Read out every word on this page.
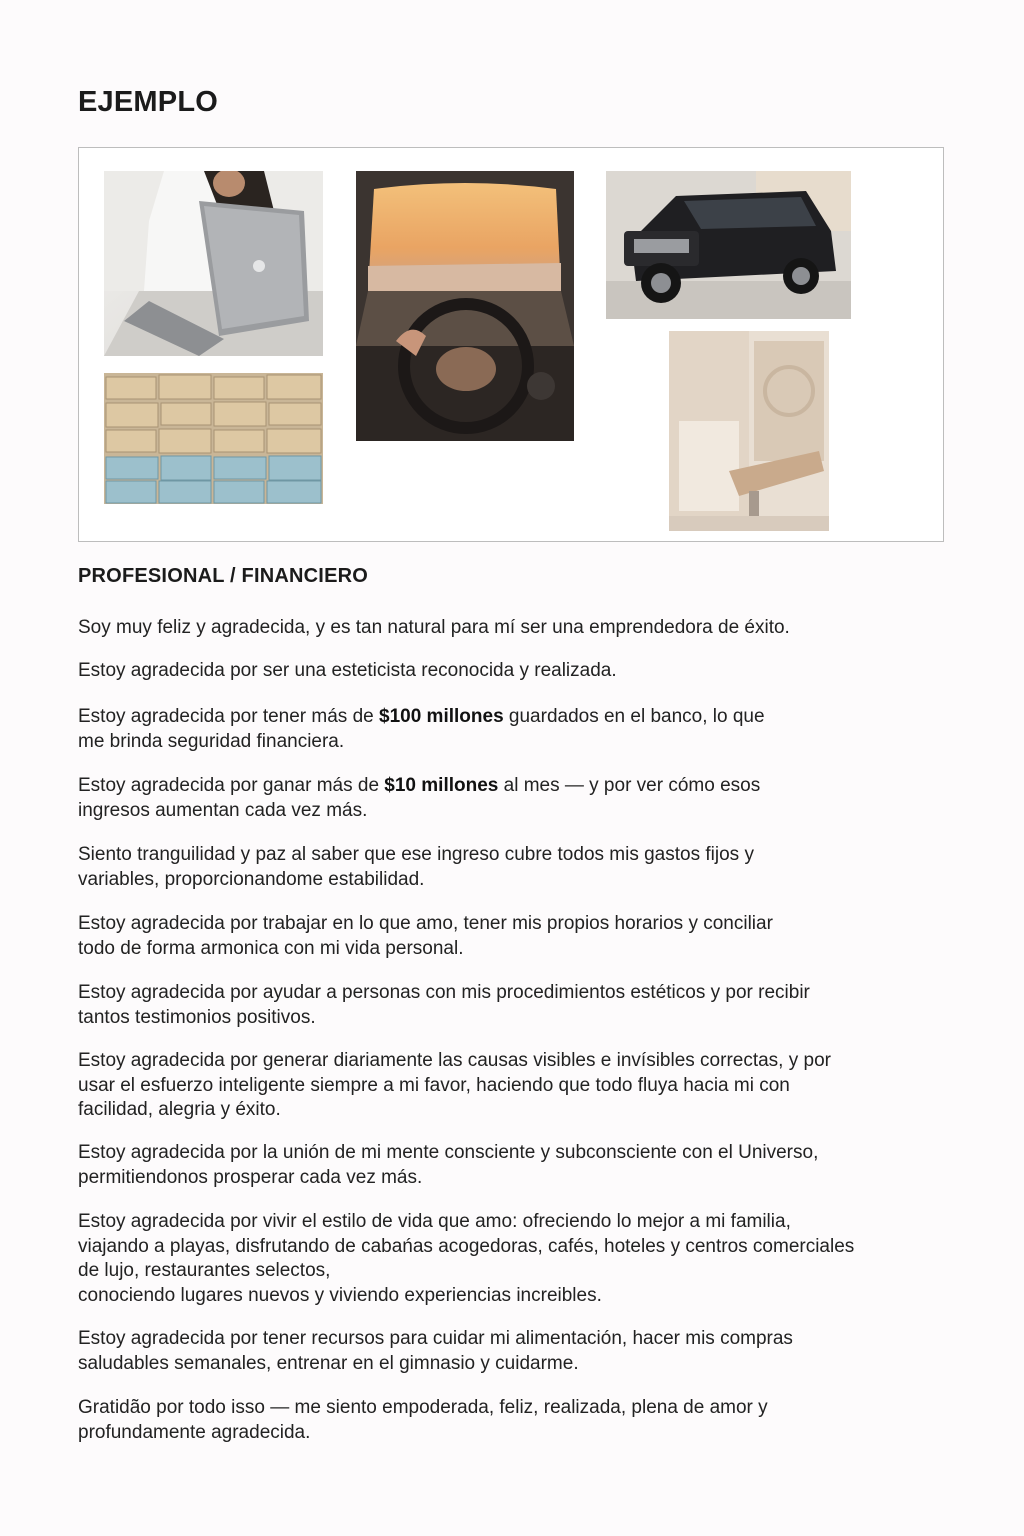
EJEMPLO
PROFESIONAL / FINANCIERO

Soy muy feliz y agradecida, y es tan natural para mí ser una emprendedora de éxito.

Estoy agradecida por ser una esteticista reconocida y realizada.

Estoy agradecida por tener más de $100 millones guardados en el banco, lo que
me brinda seguridad financiera.

Estoy agradecida por ganar más de $10 millones al mes — y por ver cómo esos
ingresos aumentan cada vez más.

Siento tranguilidad y paz al saber que ese ingreso cubre todos mis gastos fijos y
variables, proporcionandome estabilidad.

Estoy agradecida por trabajar en lo que amo, tener mis propios horarios y conciliar
todo de forma armonica con mi vida personal.

Estoy agradecida por ayudar a personas con mis procedimientos estéticos y por recibir
tantos testimonios positivos.

Estoy agradecida por generar diariamente las causas visibles e invísibles correctas, y por
usar el esfuerzo inteligente siempre a mi favor, haciendo que todo fluya hacia mi con
facilidad, alegria y éxito.

Estoy agradecida por la unión de mi mente consciente y subconsciente con el Universo,
permitiendonos prosperar cada vez más.

Estoy agradecida por vivir el estilo de vida que amo: ofreciendo lo mejor a mi familia,
viajando a playas, disfrutando de cabańas acogedoras, cafés, hoteles y centros comerciales
de lujo, restaurantes selectos,
conociendo lugares nuevos y viviendo experiencias increibles.

Estoy agradecida por tener recursos para cuidar mi alimentación, hacer mis compras
saludables semanales, entrenar en el gimnasio y cuidarme.

Gratidão por todo isso — me siento empoderada, feliz, realizada, plena de amor y
profundamente agradecida.
